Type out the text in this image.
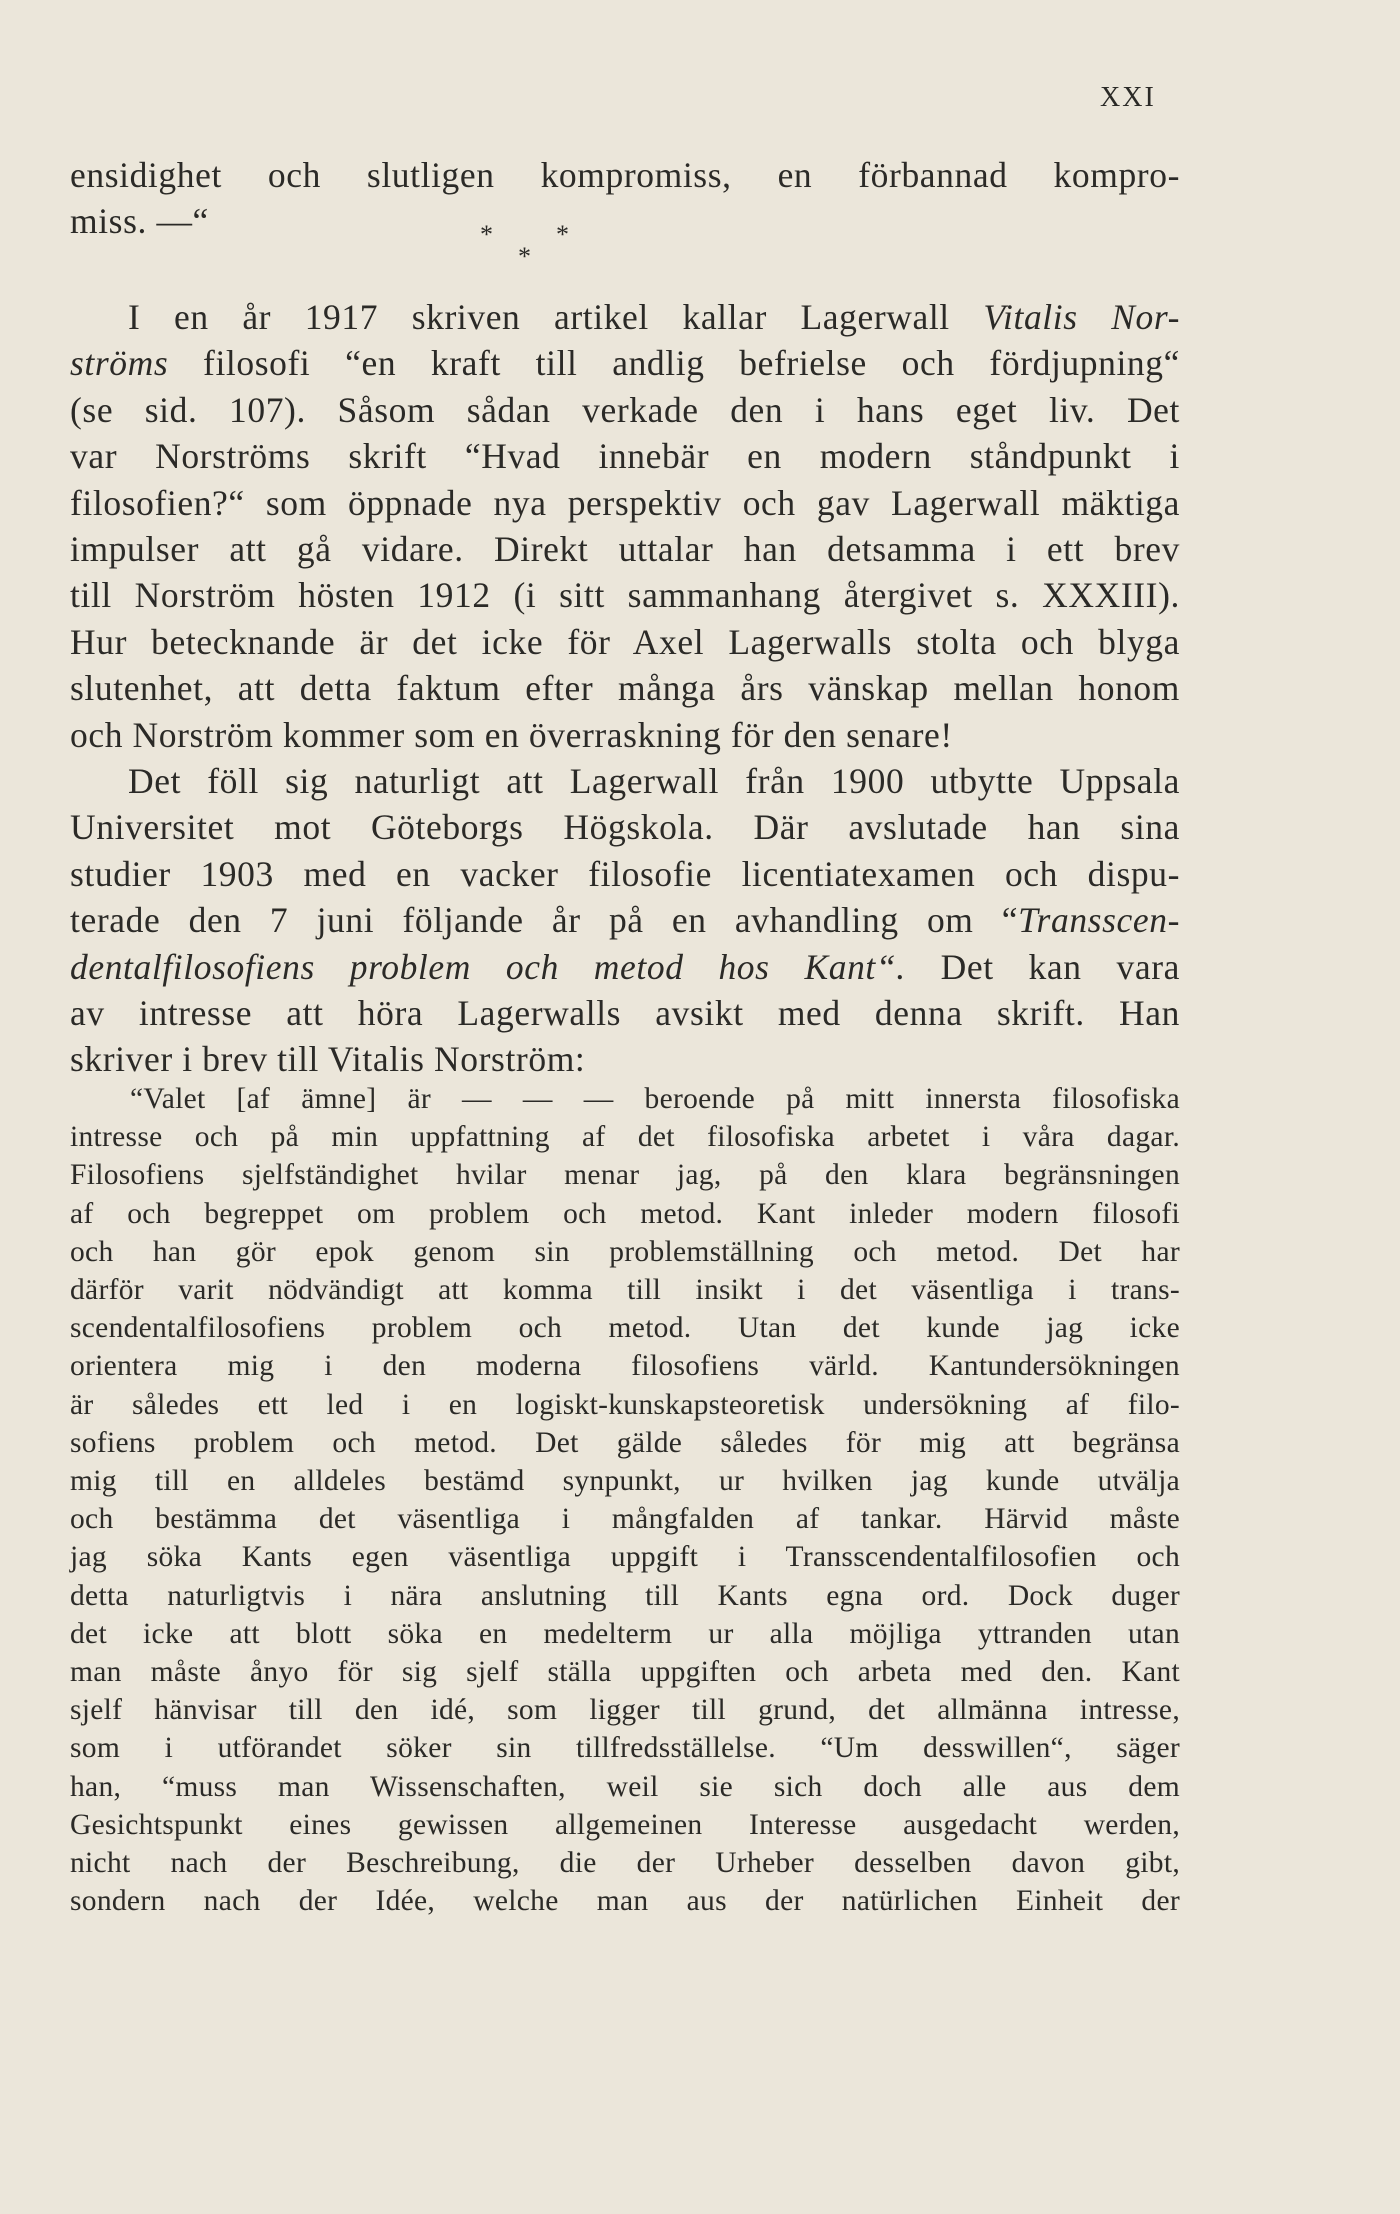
XXI
ensidighet och slutligen kompromiss, en förbannad kompro-
miss. —“	* *
*
I en år 1917 skriven artikel kallar Lagerwall Vitalis Nor-
ströms filosofi “en kraft till andlig befrielse och fördjupning“
(se sid. 107). Såsom sådan verkade den i hans eget liv. Det
var Norströms skrift “Hvad innebär en modern ståndpunkt i
filosofien?“ som öppnade nya perspektiv och gav Lagerwall mäktiga
impulser att gå vidare. Direkt uttalar han detsamma i ett brev
till Norström hösten 1912 (i sitt sammanhang återgivet s. XXXIII).
Hur betecknande är det icke för Axel Lagerwalls stolta och blyga
slutenhet, att detta faktum efter många års vänskap mellan honom
och Norström kommer som en överraskning för den senare!
Det föll sig naturligt att Lagerwall från 1900 utbytte Uppsala
Universitet mot Göteborgs Högskola. Där avslutade han sina
studier 1903 med en vacker filosofie licentiatexamen och dispu-
terade den 7 juni följande år på en avhandling om “Transscen-
dentalfilosofiens problem och metod hos Kant“. Det kan vara
av intresse att höra Lagerwalls avsikt med denna skrift. Han
skriver i brev till Vitalis Norström:
“Valet [af ämne] är — — — beroende på mitt innersta filosofiska
intresse och på min uppfattning af det filosofiska arbetet i våra dagar.
Filosofiens sjelfständighet hvilar menar jag, på den klara begränsningen
af och begreppet om problem och metod. Kant inleder modern filosofi
och han gör epok genom sin problemställning och metod. Det har
därför varit nödvändigt att komma till insikt i det väsentliga i trans-
scendentalfilosofiens problem och metod. Utan det kunde jag icke
orientera mig i den moderna filosofiens värld. Kantundersökningen
är således ett led i en logiskt-kunskapsteoretisk undersökning af filo-
sofiens problem och metod. Det gälde således för mig att begränsa
mig till en alldeles bestämd synpunkt, ur hvilken jag kunde utvälja
och bestämma det väsentliga i mångfalden af tankar. Härvid måste
jag söka Kants egen väsentliga uppgift i Transscendentalfilosofien och
detta naturligtvis i nära anslutning till Kants egna ord. Dock duger
det icke att blott söka en medelterm ur alla möjliga yttranden utan
man måste ånyo för sig sjelf ställa uppgiften och arbeta med den. Kant
sjelf hänvisar till den idé, som ligger till grund, det allmänna intresse,
som i utförandet söker sin tillfredsställelse. “Um desswillen“, säger
han, “muss man Wissenschaften, weil sie sich doch alle aus dem
Gesichtspunkt eines gewissen allgemeinen Interesse ausgedacht werden,
nicht nach der Beschreibung, die der Urheber desselben davon gibt,
sondern nach der Idée, welche man aus der natürlichen Einheit der
